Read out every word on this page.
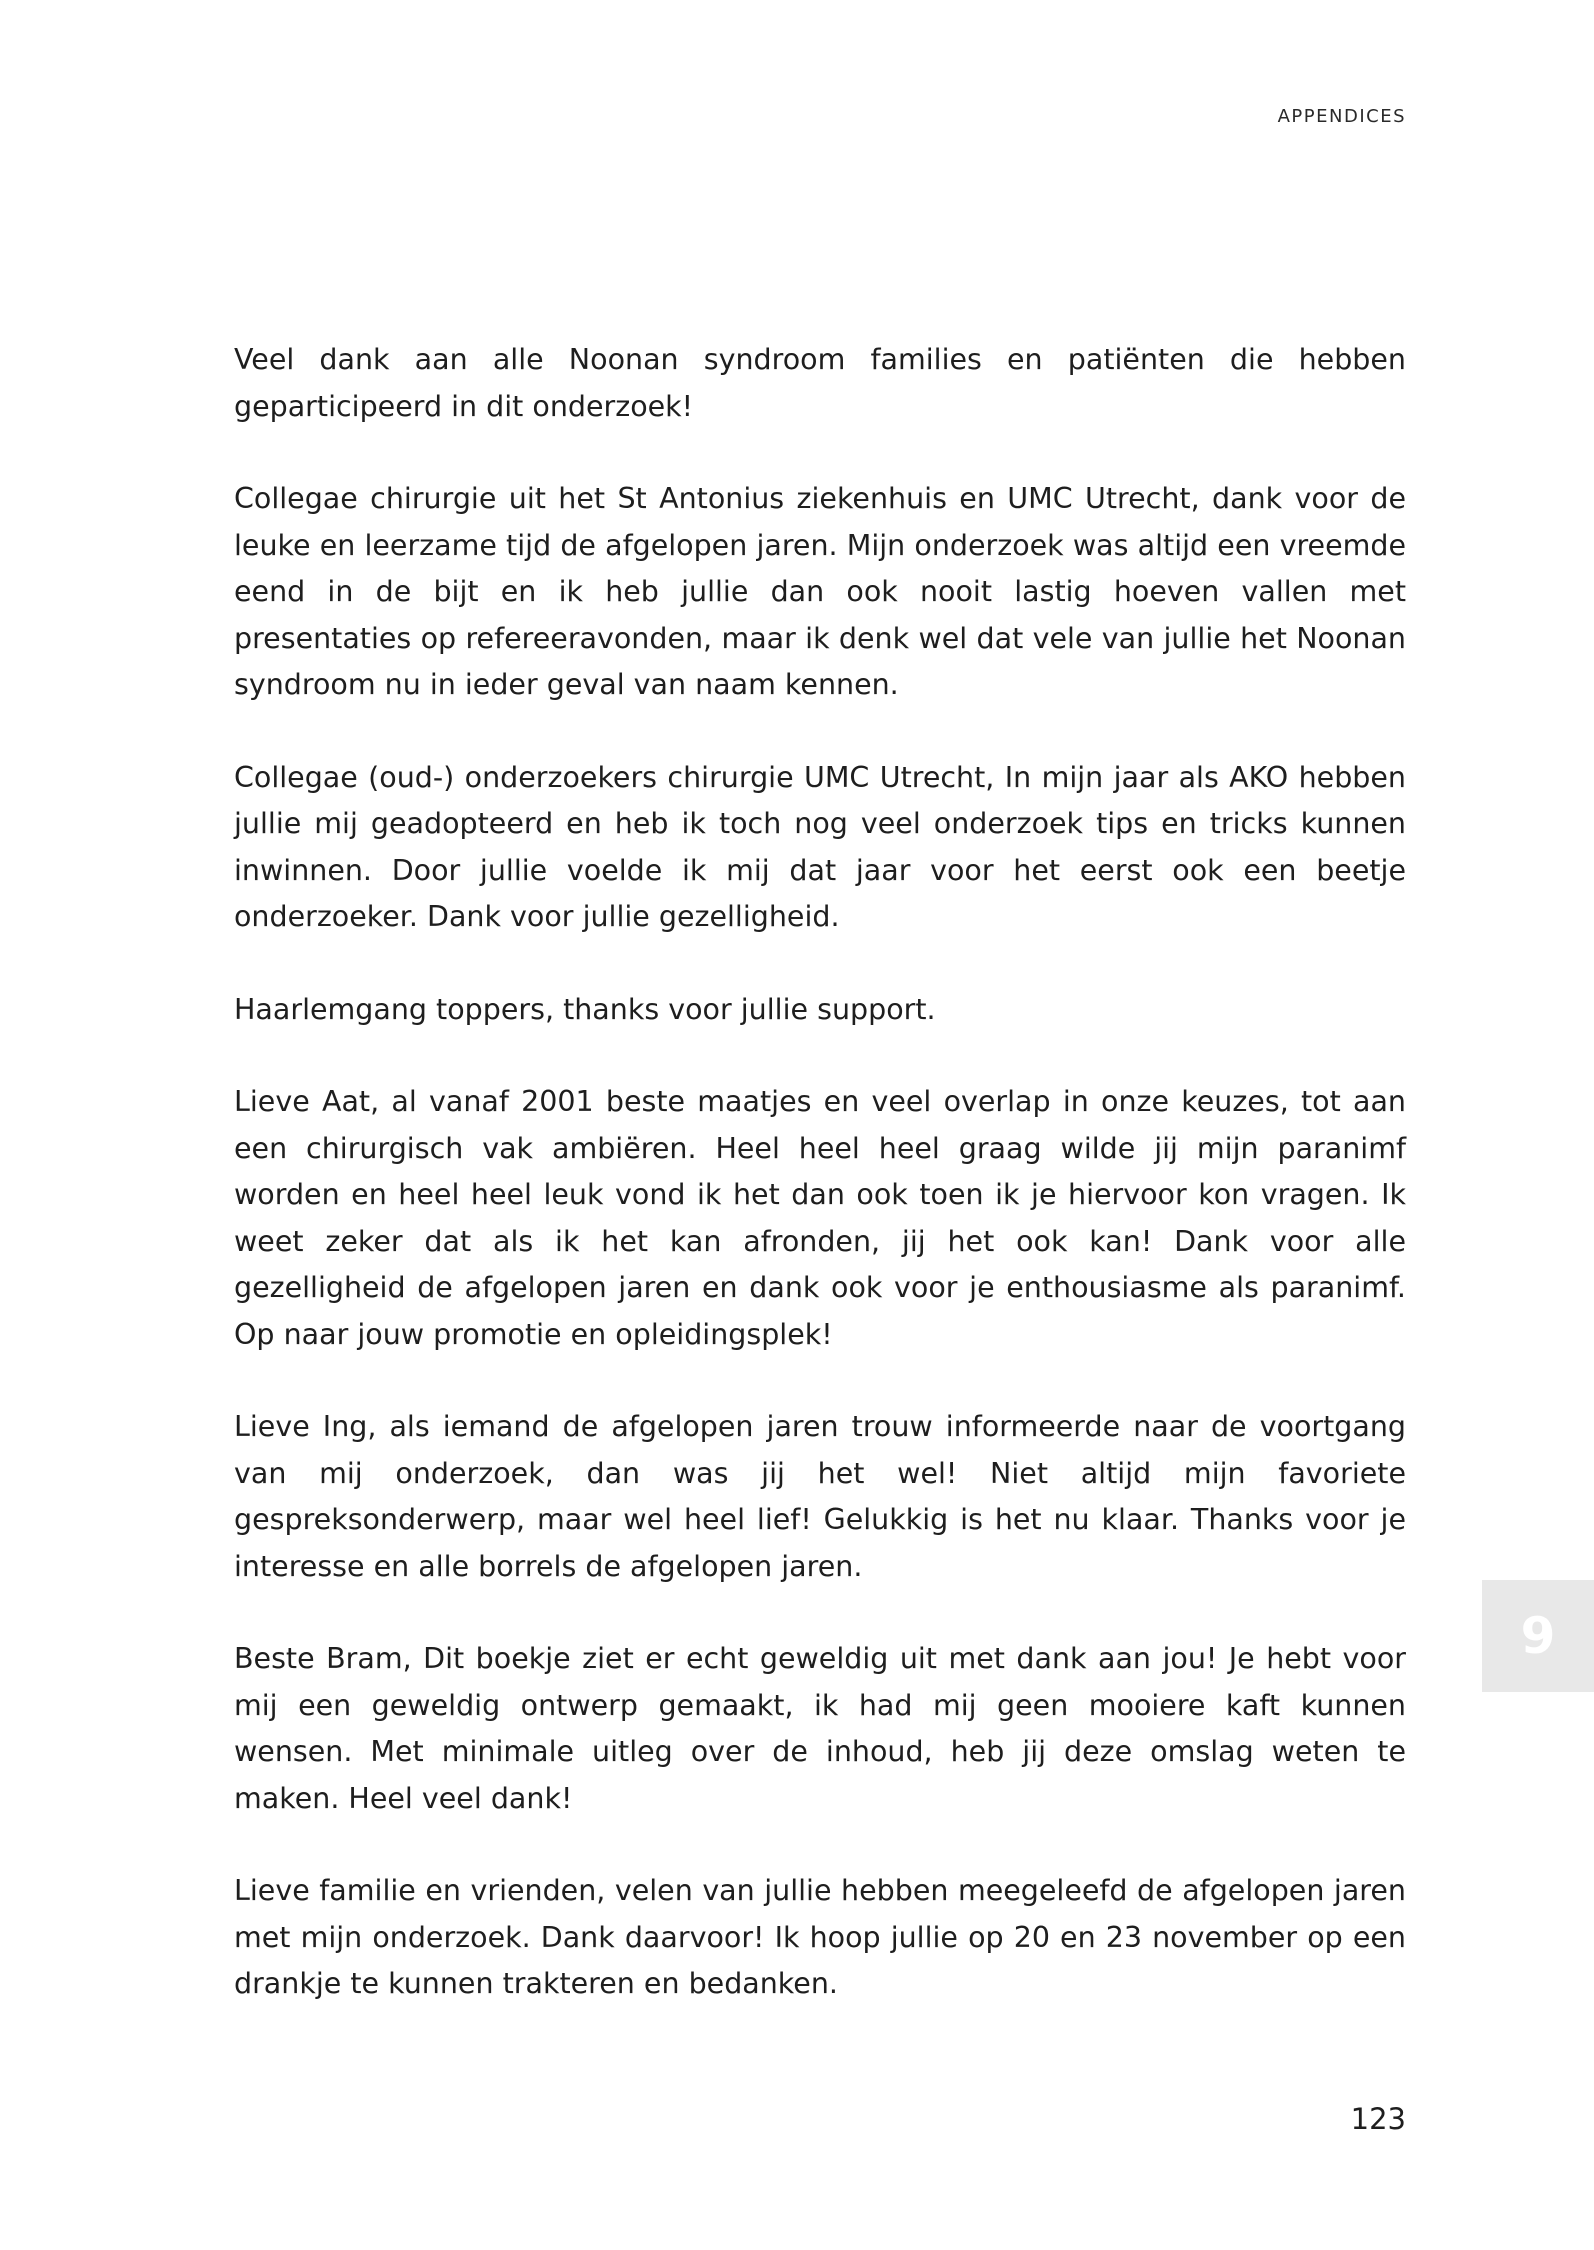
APPENDICES

Veel dank aan alle Noonan syndroom families en patiënten die hebben geparticipeerd in dit onderzoek!

Collegae chirurgie uit het St Antonius ziekenhuis en UMC Utrecht, dank voor de leuke en leerzame tijd de afgelopen jaren. Mijn onderzoek was altijd een vreemde eend in de bijt en ik heb jullie dan ook nooit lastig hoeven vallen met presentaties op refereeravonden, maar ik denk wel dat vele van jullie het Noonan syndroom nu in ieder geval van naam kennen.

Collegae (oud-) onderzoekers chirurgie UMC Utrecht, In mijn jaar als AKO hebben jullie mij geadopteerd en heb ik toch nog veel onderzoek tips en tricks kunnen inwinnen. Door jullie voelde ik mij dat jaar voor het eerst ook een beetje onderzoeker. Dank voor jullie gezelligheid.

Haarlemgang toppers, thanks voor jullie support.

Lieve Aat, al vanaf 2001 beste maatjes en veel overlap in onze keuzes, tot aan een chirurgisch vak ambiëren. Heel heel heel graag wilde jij mijn paranimf worden en heel heel leuk vond ik het dan ook toen ik je hiervoor kon vragen. Ik weet zeker dat als ik het kan afronden, jij het ook kan! Dank voor alle gezelligheid de afgelopen jaren en dank ook voor je enthousiasme als paranimf. Op naar jouw promotie en opleidingsplek!

Lieve Ing, als iemand de afgelopen jaren trouw informeerde naar de voortgang van mij onderzoek, dan was jij het wel! Niet altijd mijn favoriete gespreksonderwerp, maar wel heel lief! Gelukkig is het nu klaar. Thanks voor je interesse en alle borrels de afgelopen jaren.

Beste Bram, Dit boekje ziet er echt geweldig uit met dank aan jou! Je hebt voor mij een geweldig ontwerp gemaakt, ik had mij geen mooiere kaft kunnen wensen. Met minimale uitleg over de inhoud, heb jij deze omslag weten te maken. Heel veel dank!

Lieve familie en vrienden, velen van jullie hebben meegeleefd de afgelopen jaren met mijn onderzoek. Dank daarvoor! Ik hoop jullie op 20 en 23 november op een drankje te kunnen trakteren en bedanken.

9
123
